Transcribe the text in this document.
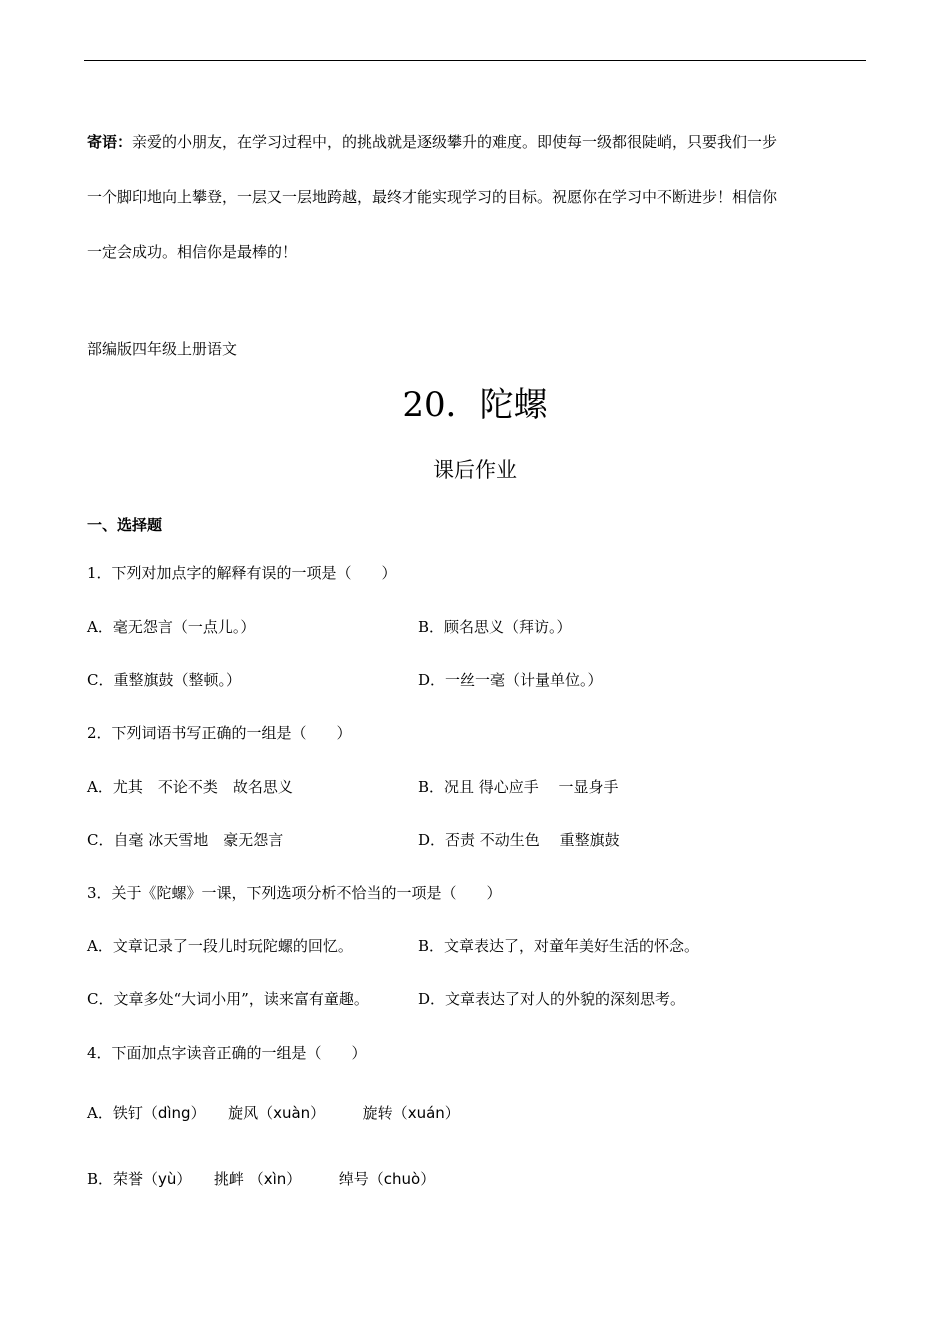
寄语：亲爱的小朋友，在学习过程中，的挑战就是逐级攀升的难度。即使每一级都很陡峭，只要我们一步
一个脚印地向上攀登，一层又一层地跨越，最终才能实现学习的目标。祝愿你在学习中不断进步！相信你
一定会成功。相信你是最棒的！
部编版四年级上册语文
20．陀螺
课后作业
一、选择题
1．下列对加点字的解释有误的一项是（　　）
A．毫无怨言（一点儿。）	B．顾名思义（拜访。）
C．重整旗鼓（整顿。）	D．一丝一毫（计量单位。）
2．下列词语书写正确的一组是（　　）
A．尤其　不论不类　故名思义	B．况且 得心应手　 一显身手
C．自毫 冰天雪地　豪无怨言	D．否责 不动生色　 重整旗鼓
3．关于《陀螺》一课，下列选项分析不恰当的一项是（　　）
A．文章记录了一段儿时玩陀螺的回忆。	B．文章表达了，对童年美好生活的怀念。
C．文章多处“大词小用”，读来富有童趣。	D．文章表达了对人的外貌的深刻思考。
4．下面加点字读音正确的一组是（　　）
A．铁钉（dìng）　　旋风（xuàn）　　　旋转（xuán）
B．荣誉（yù）　　挑衅 （xìn）　　　绰号（chuò）
